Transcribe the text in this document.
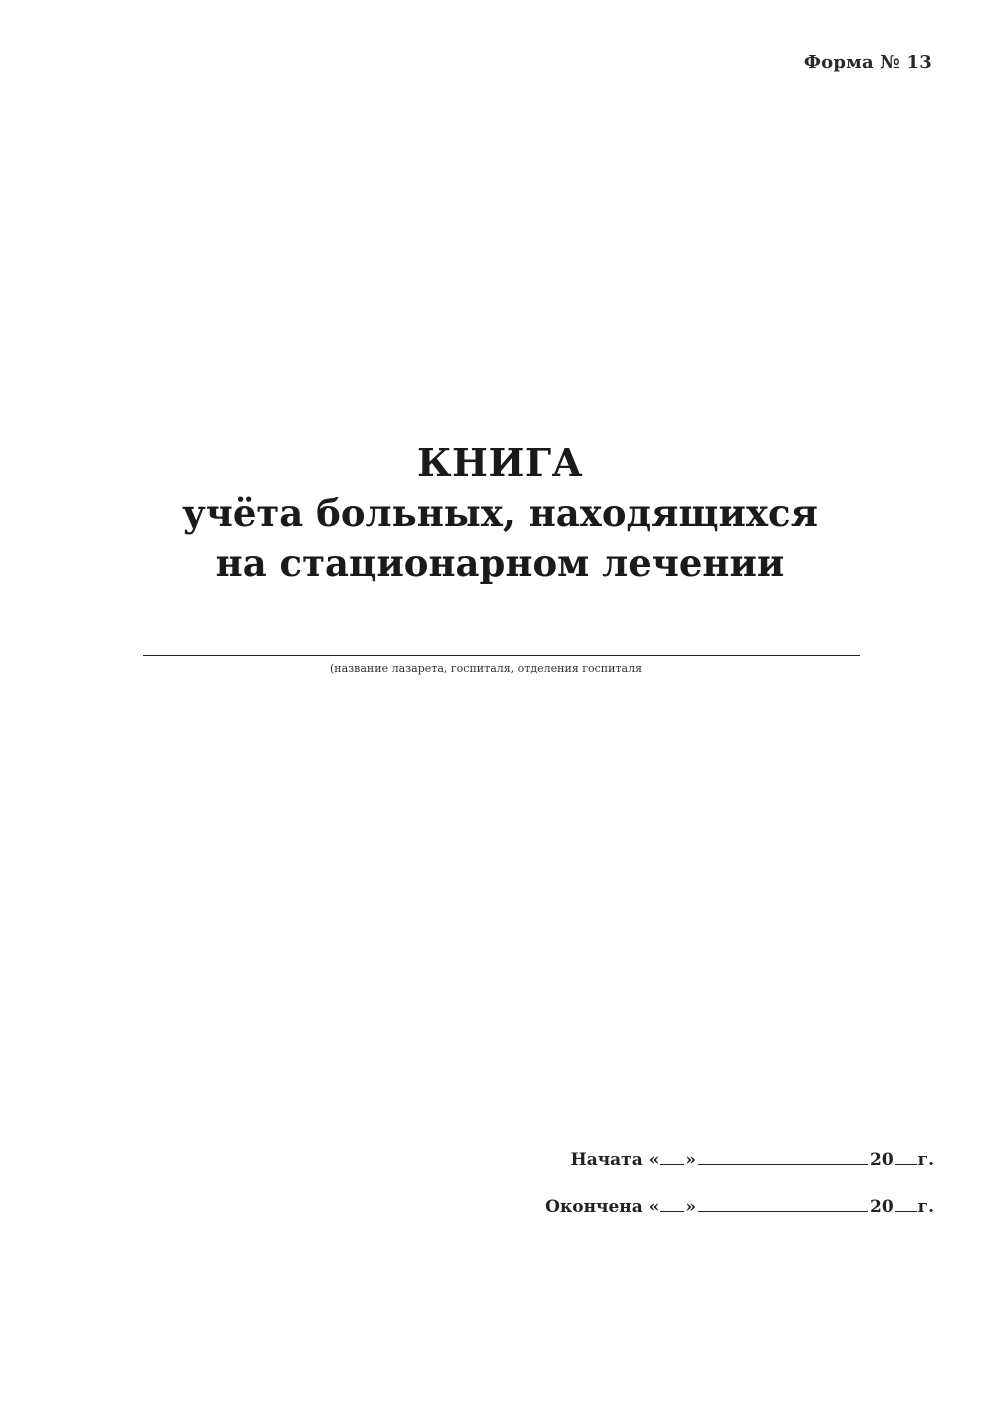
Форма № 13
КНИГА
учёта больных, находящихся
на стационарном лечении
(название лазарета, госпиталя, отделения госпиталя
Начата « »	20 г.
Окончена « »	20 г.
